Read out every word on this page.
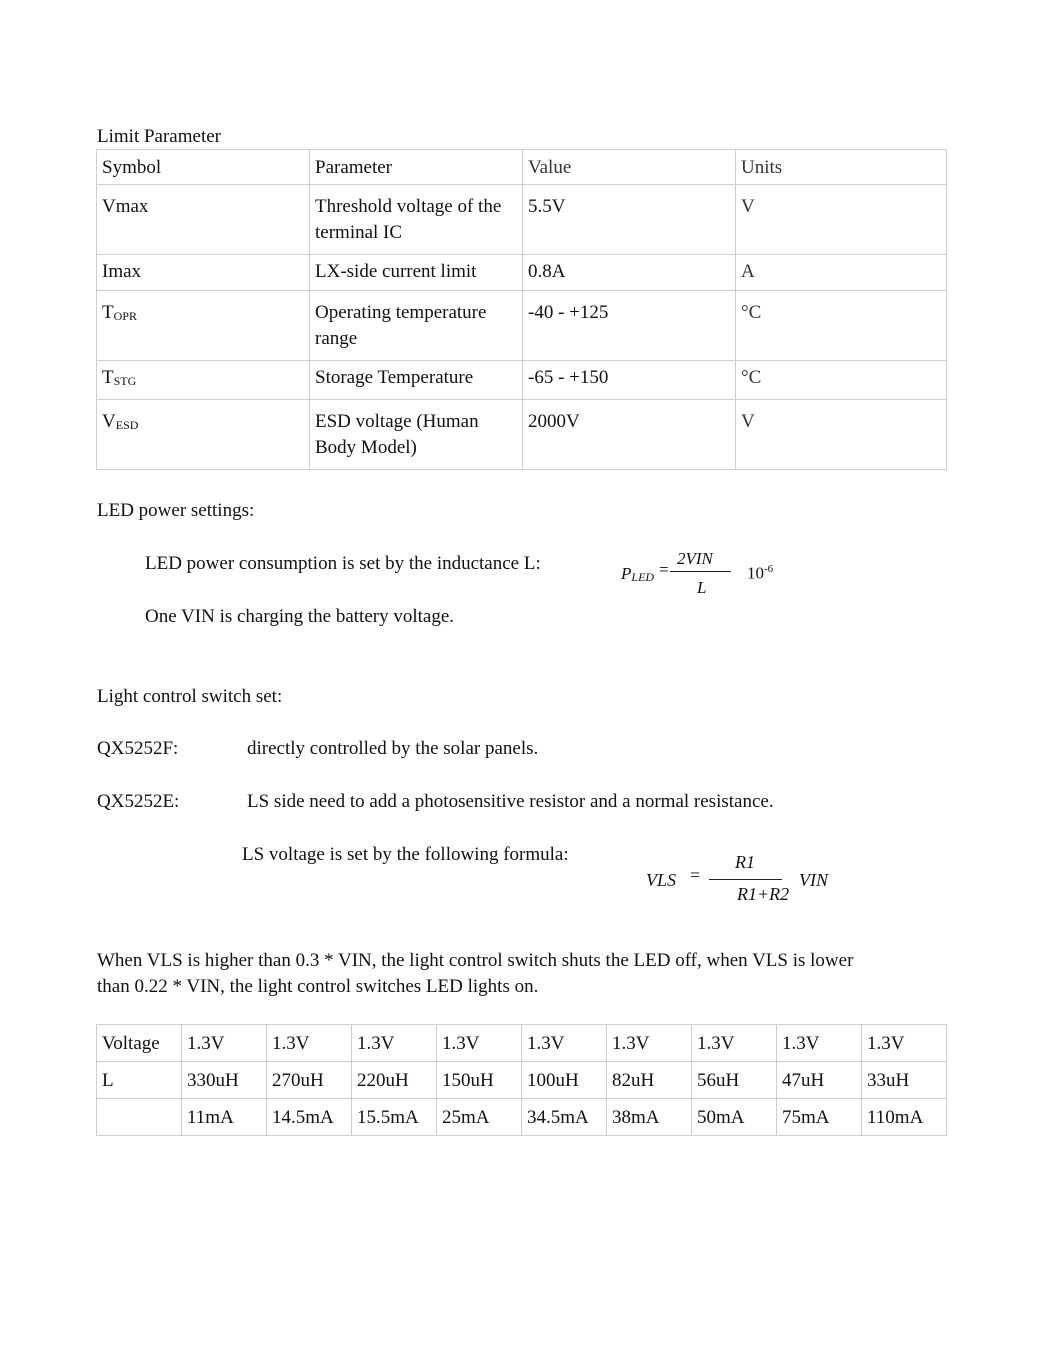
Limit Parameter
Symbol	Parameter	Value	Units
Vmax	Threshold voltage of the terminal IC	5.5V	V
Imax	LX-side current limit	0.8A	A
$T_{OPR}$	Operating temperature range	-40 - +125	°C
$T_{STG}$	Storage Temperature	-65 - +150	°C
$V_{ESD}$	ESD voltage (Human Body Model)	2000V	V
LED power settings:
LED power consumption is set by the inductance L:
One VIN is charging the battery voltage.
$P_{LED}$ =
2VIN
L
$10^{-6}$
Light control switch set:
QX5252F:	directly controlled by the solar panels.
QX5252E:	LS side need to add a photosensitive resistor and a normal resistance.
LS voltage is set by the following formula:
VLS =
R1
R1+R2
VIN
When VLS is higher than 0.3 * VIN, the light control switch shuts the LED off, when VLS is lower
than 0.22 * VIN, the light control switches LED lights on.
Voltage	1.3V	1.3V	1.3V	1.3V	1.3V	1.3V	1.3V	1.3V	1.3V
L	330uH	270uH	220uH	150uH	100uH	82uH	56uH	47uH	33uH
	11mA	14.5mA	15.5mA	25mA	34.5mA	38mA	50mA	75mA	110mA
